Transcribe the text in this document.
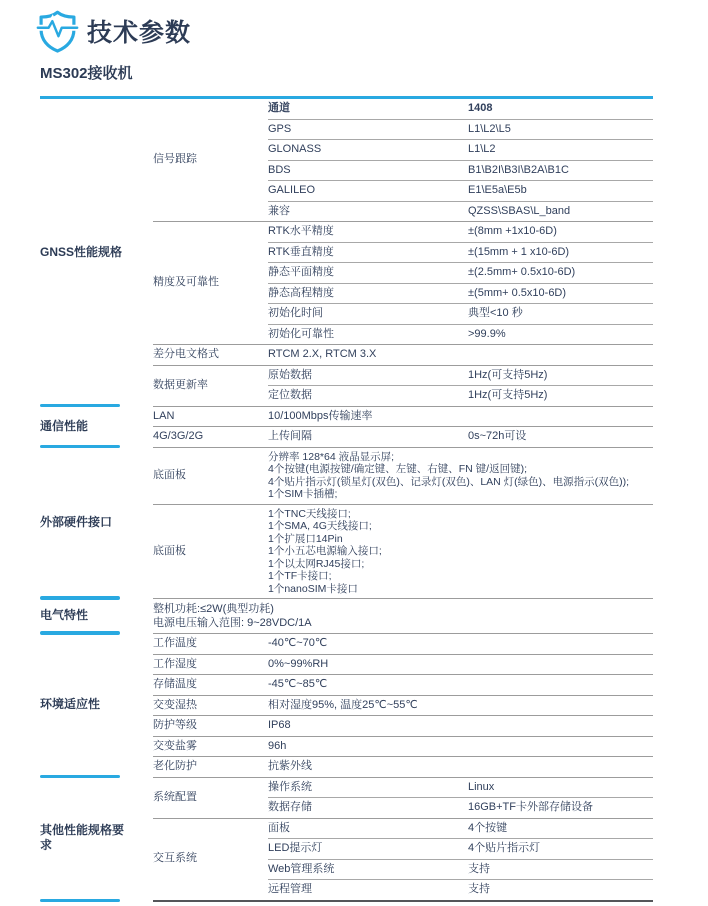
技术参数
MS302接收机
GNSS性能规格
信号跟踪
通道	1408
GPS	L1\L2\L5
GLONASS	L1\L2
BDS	B1\B2I\B3I\B2A\B1C
GALILEO	E1\E5a\E5b
兼容	QZSS\SBAS\L_band
精度及可靠性
RTK水平精度	±(8mm +1x10-6D)
RTK垂直精度	±(15mm + 1 x10-6D)
静态平面精度	±(2.5mm+ 0.5x10-6D)
静态高程精度	±(5mm+ 0.5x10-6D)
初始化时间	典型<10 秒
初始化可靠性	>99.9%
差分电文格式	RTCM 2.X, RTCM 3.X
数据更新率
原始数据	1Hz(可支持5Hz)
定位数据	1Hz(可支持5Hz)
通信性能
LAN	10/100Mbps传输速率
4G/3G/2G	上传间隔	0s~72h可设
外部硬件接口
底面板
分辨率 128*64 液晶显示屏;
4个按键(电源按键/确定键、左键、右键、FN 键/返回键);
4个贴片指示灯(锁星灯(双色)、记录灯(双色)、LAN 灯(绿色)、电源指示(双色));
1个SIM卡插槽;
底面板
1个TNC天线接口;
1个SMA, 4G天线接口;
1个扩展口14Pin
1个小五芯电源输入接口;
1个以太网RJ45接口;
1个TF卡接口;
1个nanoSIM卡接口
电气特性	整机功耗:≤2W(典型功耗)
电源电压输入范围: 9~28VDC/1A
环境适应性
工作温度	-40℃~70℃
工作湿度	0%~99%RH
存储温度	-45℃~85℃
交变湿热	相对湿度95%, 温度25℃~55℃
防护等级	IP68
交变盐雾	96h
老化防护	抗紫外线
其他性能规格要求
系统配置
操作系统	Linux
数据存储	16GB+TF卡外部存储设备
交互系统
面板	4个按键
LED提示灯	4个贴片指示灯
Web管理系统	支持
远程管理	支持
